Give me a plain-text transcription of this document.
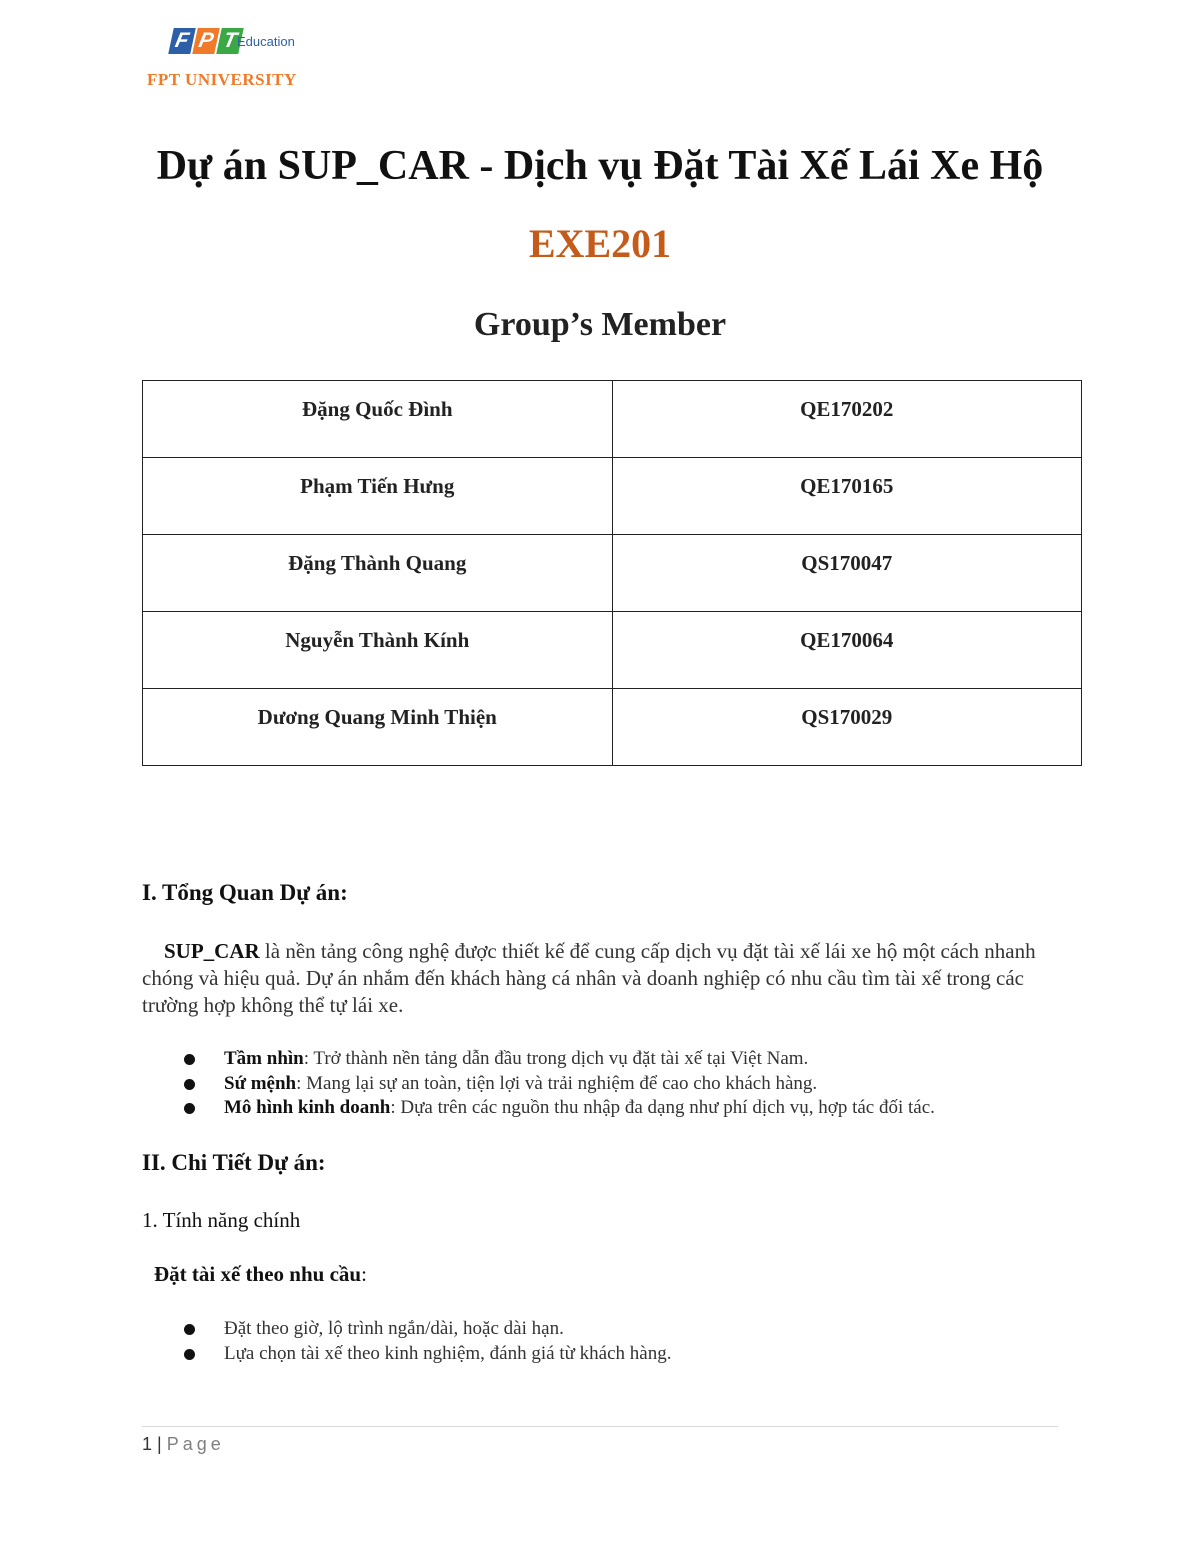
F P T
Education
FPT UNIVERSITY
Dự án SUP_CAR - Dịch vụ Đặt Tài Xế Lái Xe Hộ
EXE201
Group’s Member
Đặng Quốc Đình	QE170202
Phạm Tiến Hưng	QE170165
Đặng Thành Quang	QS170047
Nguyễn Thành Kính	QE170064
Dương Quang Minh Thiện	QS170029
I. Tổng Quan Dự án:
SUP_CAR là nền tảng công nghệ được thiết kế để cung cấp dịch vụ đặt tài xế lái xe hộ một cách nhanh chóng và hiệu quả. Dự án nhắm đến khách hàng cá nhân và doanh nghiệp có nhu cầu tìm tài xế trong các trường hợp không thể tự lái xe.
Tầm nhìn: Trở thành nền tảng dẫn đầu trong dịch vụ đặt tài xế tại Việt Nam.
Sứ mệnh: Mang lại sự an toàn, tiện lợi và trải nghiệm để cao cho khách hàng.
Mô hình kinh doanh: Dựa trên các nguồn thu nhập đa dạng như phí dịch vụ, hợp tác đối tác.
II. Chi Tiết Dự án:
1. Tính năng chính
Đặt tài xế theo nhu cầu:
Đặt theo giờ, lộ trình ngắn/dài, hoặc dài hạn.
Lựa chọn tài xế theo kinh nghiệm, đánh giá từ khách hàng.
1 | Page
